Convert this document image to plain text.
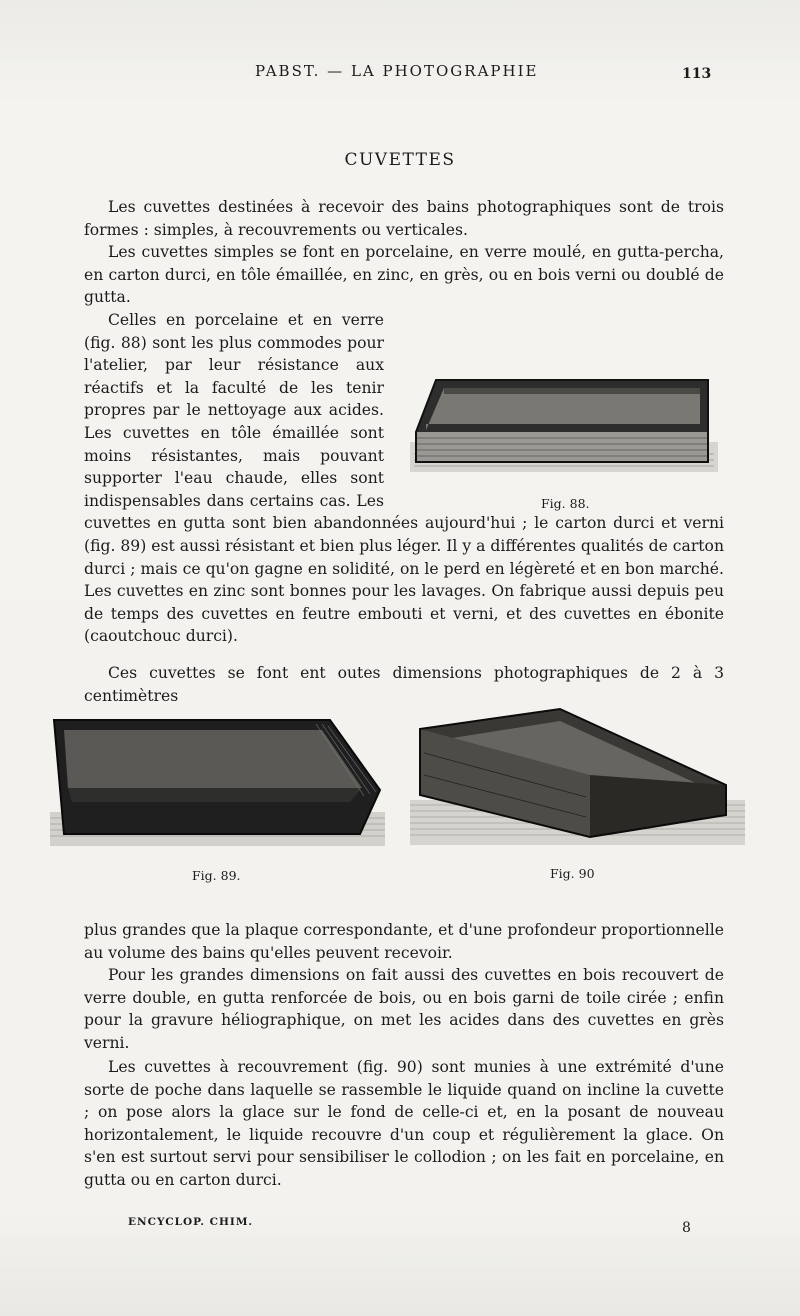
PABST. — LA PHOTOGRAPHIE	113
CUVETTES

Les cuvettes destinées à recevoir des bains photographiques sont de trois formes : simples, à recouvrements ou verticales.

Les cuvettes simples se font en porcelaine, en verre moulé, en gutta-percha, en carton durci, en tôle émaillée, en zinc, en grès, ou en bois verni ou doublé de gutta.

Celles en porcelaine et en verre (fig. 88) sont les plus commodes pour l'atelier, par leur résistance aux réactifs et la faculté de les tenir propres par le nettoyage aux acides. Les cuvettes en tôle émaillée sont moins résistantes, mais pouvant supporter l'eau chaude, elles sont indispensables dans certains cas. Les cuvettes en gutta sont bien abandonnées aujourd'hui ; le carton durci et verni (fig. 89) est aussi résistant et bien plus léger. Il y a différentes qualités de carton durci ; mais ce qu'on gagne en solidité, on le perd en légèreté et en bon marché. Les cuvettes en zinc sont bonnes pour les lavages. On fabrique aussi depuis peu de temps des cuvettes en feutre embouti et verni, et des cuvettes en ébonite (caoutchouc durci).

Ces cuvettes se font ent outes dimensions photographiques de 2 à 3 centimètres

Fig. 88.
Fig. 89.	Fig. 90

plus grandes que la plaque correspondante, et d'une profondeur proportionnelle au volume des bains qu'elles peuvent recevoir.

Pour les grandes dimensions on fait aussi des cuvettes en bois recouvert de verre double, en gutta renforcée de bois, ou en bois garni de toile cirée ; enfin pour la gravure héliographique, on met les acides dans des cuvettes en grès verni.

Les cuvettes à recouvrement (fig. 90) sont munies à une extrémité d'une sorte de poche dans laquelle se rassemble le liquide quand on incline la cuvette ; on pose alors la glace sur le fond de celle-ci et, en la posant de nouveau horizontalement, le liquide recouvre d'un coup et régulièrement la glace. On s'en est surtout servi pour sensibiliser le collodion ; on les fait en porcelaine, en gutta ou en carton durci.

ENCYCLOP. CHIM.	8
